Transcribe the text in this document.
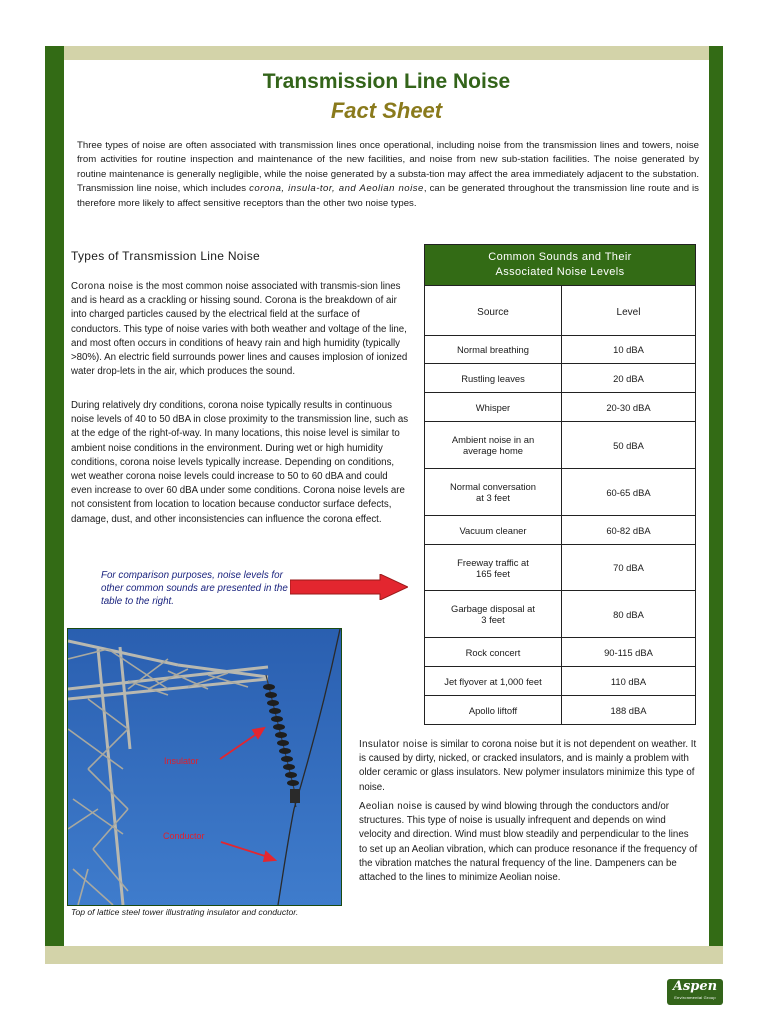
Transmission Line Noise
Fact Sheet

Three types of noise are often associated with transmission lines once operational, including noise from the transmission lines and towers, noise from activities for routine inspection and maintenance of the new facilities, and noise from new sub-station facilities. The noise generated by routine maintenance is generally negligible, while the noise generated by a substa-tion may affect the area immediately adjacent to the substation. Transmission line noise, which includes corona, insula-tor, and Aeolian noise, can be generated throughout the transmission line route and is therefore more likely to affect sensitive receptors than the other two noise types.

Types of Transmission Line Noise

Corona noise is the most common noise associated with transmis-sion lines and is heard as a crackling or hissing sound. Corona is the breakdown of air into charged particles caused by the electrical field at the surface of conductors. This type of noise varies with both weather and voltage of the line, and most often occurs in conditions of heavy rain and high humidity (typically >80%). An electric field surrounds power lines and causes implosion of ionized water drop-lets in the air, which produces the sound.

During relatively dry conditions, corona noise typically results in continuous noise levels of 40 to 50 dBA in close proximity to the transmission line, such as at the edge of the right-of-way. In many locations, this noise level is similar to ambient noise conditions in the environment. During wet or high humidity conditions, corona noise levels typically increase. Depending on conditions, wet weather corona noise levels could increase to 50 to 60 dBA and could even increase to over 60 dBA under some conditions. Corona noise levels are not consistent from location to location because conductor surface defects, damage, dust, and other inconsistencies can influence the corona effect.

For comparison purposes, noise levels for other common sounds are presented in the table to the right.
Common Sounds and Their
Associated Noise Levels	
Source	Level
Normal breathing	10 dBA
Rustling leaves	20 dBA
Whisper	20-30 dBA
Ambient noise in an
average home	50 dBA
Normal conversation
at 3 feet	60-65 dBA
Vacuum cleaner	60-82 dBA
Freeway traffic at
165 feet	70 dBA
Garbage disposal at
3 feet	80 dBA
Rock concert	90-115 dBA
Jet flyover at 1,000 feet	110 dBA
Apollo liftoff	188 dBA
Insulator
Conductor
Top of lattice steel tower illustrating insulator and conductor.

Insulator noise is similar to corona noise but it is not dependent on weather. It is caused by dirty, nicked, or cracked insulators, and is mainly a problem with older ceramic or glass insulators. New polymer insulators minimize this type of noise.

Aeolian noise is caused by wind blowing through the conductors and/or structures. This type of noise is usually infrequent and depends on wind velocity and direction. Wind must blow steadily and perpendicular to the lines to set up an Aeolian vibration, which can produce resonance if the frequency of the vibration matches the natural frequency of the line. Dampeners can be attached to the lines to minimize Aeolian noise.

Aspen
Environmental Group
